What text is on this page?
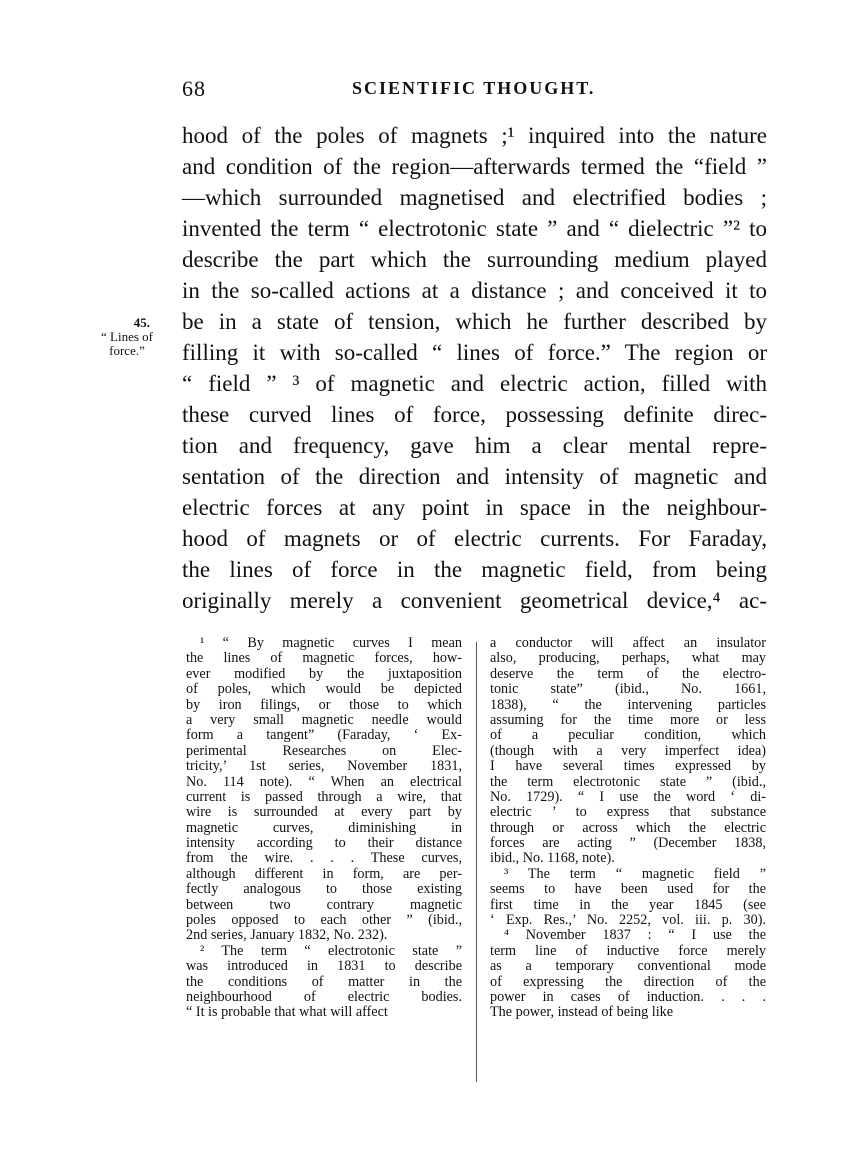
68	SCIENTIFIC THOUGHT.
45.
“ Lines of force.”
hood of the poles of magnets ;¹ inquired into the nature
and condition of the region—afterwards termed the “field ”
—which surrounded magnetised and electrified bodies ;
invented the term “ electrotonic state ” and “ dielectric ”² to
describe the part which the surrounding medium played
in the so-called actions at a distance ; and conceived it to
be in a state of tension, which he further described by
filling it with so-called “ lines of force.” The region or
“ field ” ³ of magnetic and electric action, filled with
these curved lines of force, possessing definite direc-
tion and frequency, gave him a clear mental repre-
sentation of the direction and intensity of magnetic and
electric forces at any point in space in the neighbour-
hood of magnets or of electric currents. For Faraday,
the lines of force in the magnetic field, from being
originally merely a convenient geometrical device,⁴ ac-
¹ “ By magnetic curves I mean
the lines of magnetic forces, how-
ever modified by the juxtaposition
of poles, which would be depicted
by iron filings, or those to which
a very small magnetic needle would
form a tangent” (Faraday, ‘ Ex-
perimental Researches on Elec-
tricity,’ 1st series, November 1831,
No. 114 note). “ When an electrical
current is passed through a wire, that
wire is surrounded at every part by
magnetic curves, diminishing in
intensity according to their distance
from the wire. . . . These curves,
although different in form, are per-
fectly analogous to those existing
between two contrary magnetic
poles opposed to each other ” (ibid.,
2nd series, January 1832, No. 232).
² The term “ electrotonic state ”
was introduced in 1831 to describe
the conditions of matter in the
neighbourhood of electric bodies.
“ It is probable that what will affect
a conductor will affect an insulator
also, producing, perhaps, what may
deserve the term of the electro-
tonic state” (ibid., No. 1661,
1838), “ the intervening particles
assuming for the time more or less
of a peculiar condition, which
(though with a very imperfect idea)
I have several times expressed by
the term electrotonic state ” (ibid.,
No. 1729). “ I use the word ‘ di-
electric ’ to express that substance
through or across which the electric
forces are acting ” (December 1838,
ibid., No. 1168, note).
³ The term “ magnetic field ”
seems to have been used for the
first time in the year 1845 (see
‘ Exp. Res.,’ No. 2252, vol. iii. p. 30).
⁴ November 1837 : “ I use the
term line of inductive force merely
as a temporary conventional mode
of expressing the direction of the
power in cases of induction. . . .
The power, instead of being like
